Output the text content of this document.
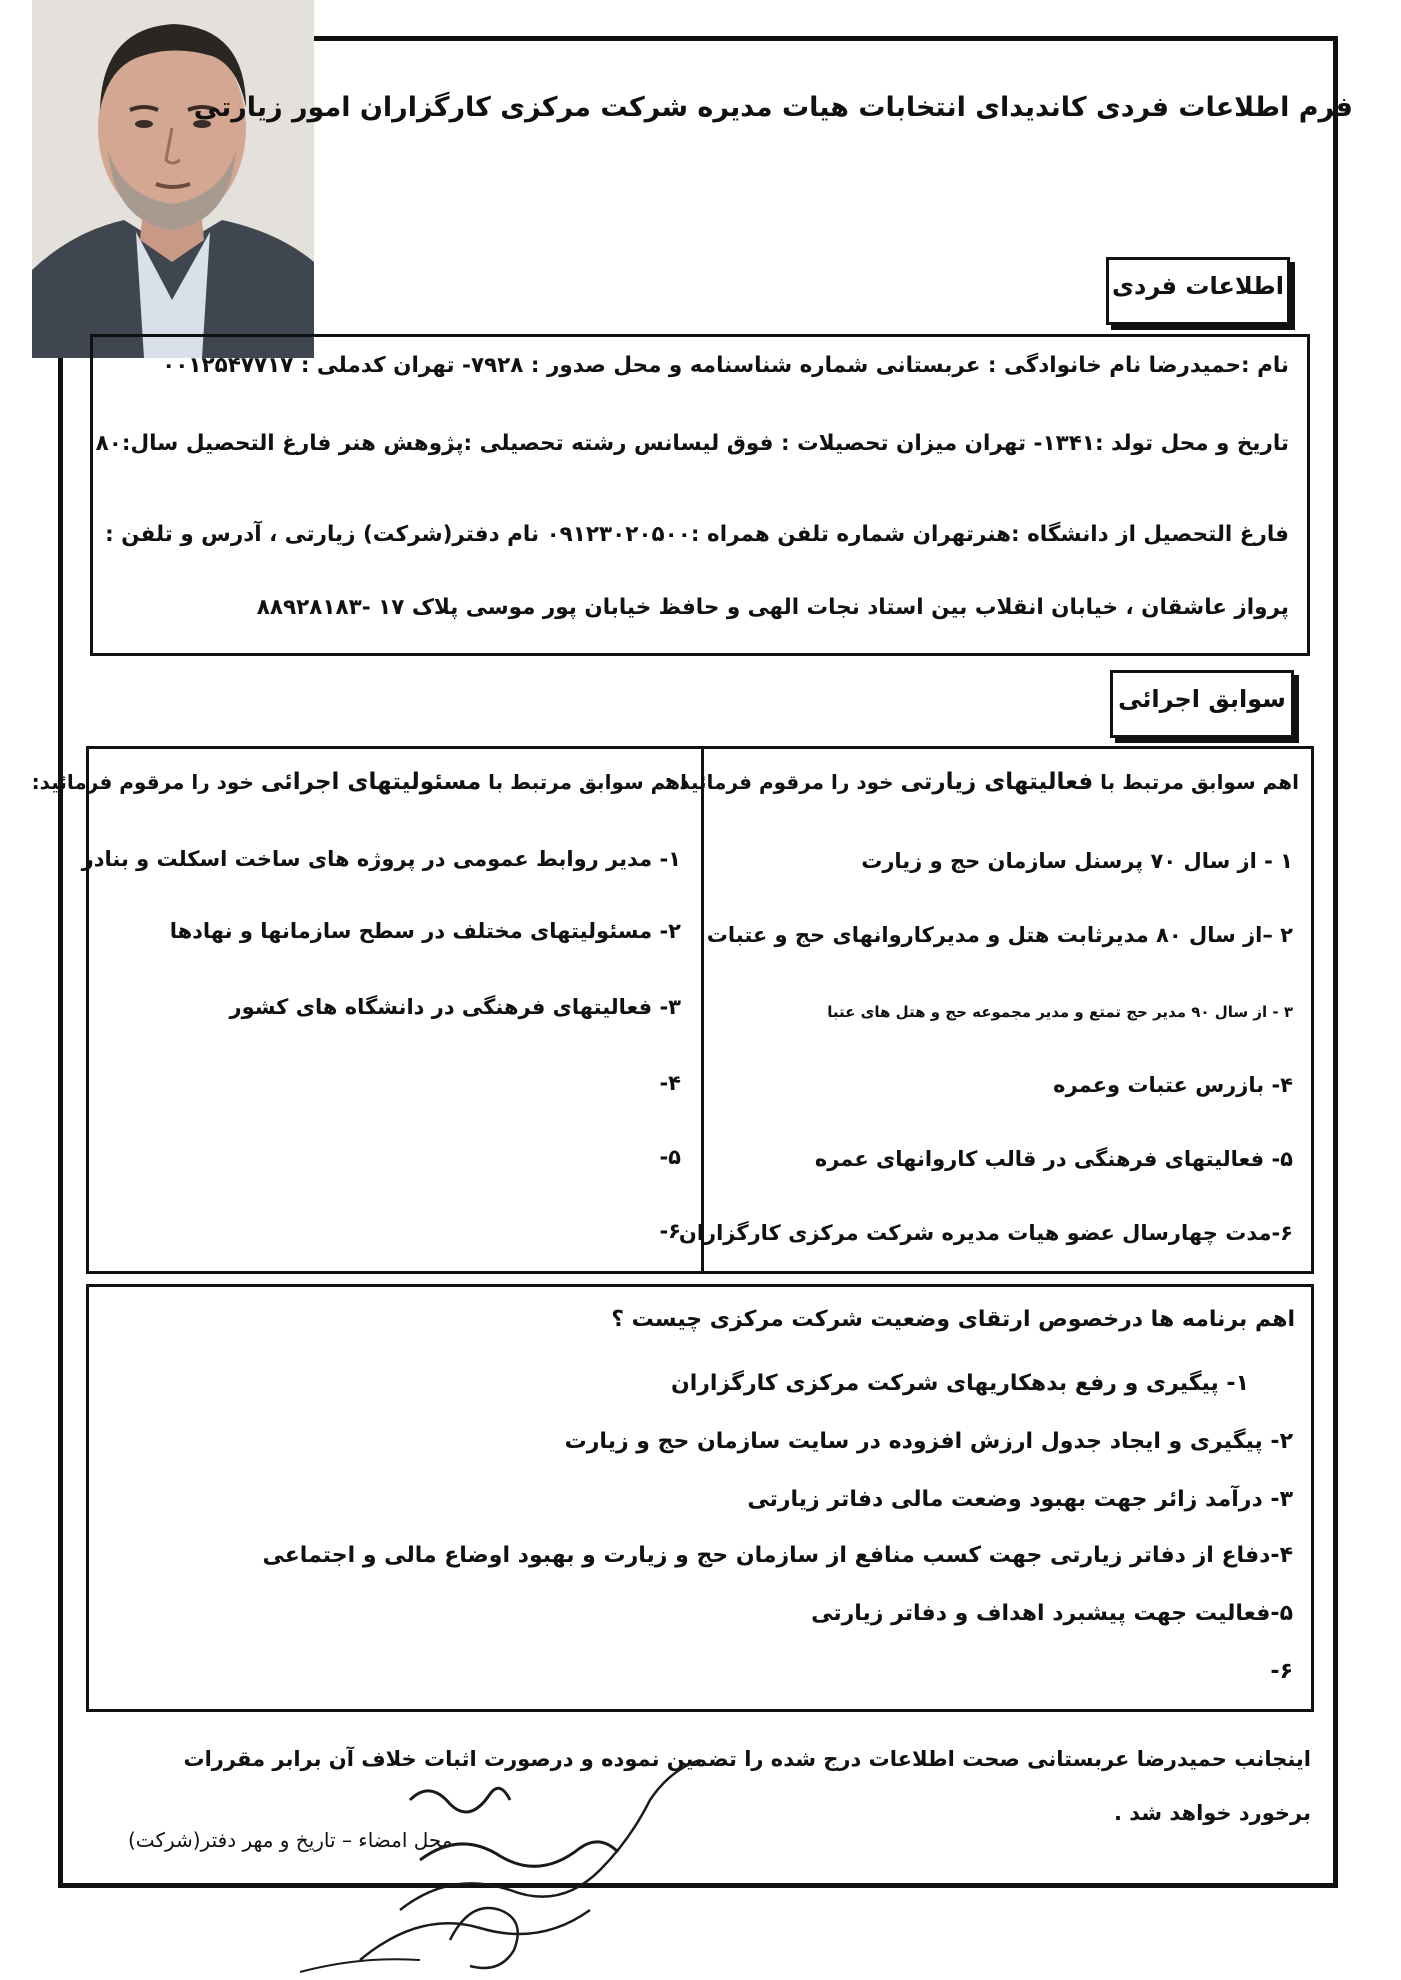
فرم اطلاعات فردی کاندیدای انتخابات هیات مدیره شرکت مرکزی کارگزاران امور زیارتی
اطلاعات فردی
نام :حمیدرضا نام خانوادگی : عربستانی شماره شناسنامه و محل صدور : ۷۹۲۸- تهران کدملی : ۰۰۱۲۵۴۷۷۱۷
تاریخ و محل تولد :۱۳۴۱- تهران میزان تحصیلات : فوق لیسانس رشته تحصیلی :پژوهش هنر فارغ التحصیل سال:۸۰
فارغ التحصیل از دانشگاه :هنرتهران شماره تلفن همراه :۰۹۱۲۳۰۲۰۵۰۰ نام دفتر(شرکت) زیارتی ، آدرس و تلفن :
پرواز عاشقان ، خیابان انقلاب بین استاد نجات الهی و حافظ خیابان پور موسی پلاک ۱۷ -۸۸۹۲۸۱۸۳
سوابق اجرائی
اهم سوابق مرتبط با فعالیتهای زیارتی خود را مرقوم فرمائید :
۱ - از سال ۷۰ پرسنل سازمان حج و زیارت
۲ –از سال ۸۰ مدیرثابت هتل و مدیرکاروانهای حج و عتبات
۳ - از سال ۹۰ مدیر حج تمتع و مدیر مجموعه حج و هتل های عتبا
۴- بازرس عتبات وعمره
۵- فعالیتهای فرهنگی در قالب کاروانهای عمره
۶-مدت چهارسال عضو هیات مدیره شرکت مرکزی کارگزاران
اهم سوابق مرتبط با مسئولیتهای اجرائی خود را مرقوم فرمائید:
۱- مدیر روابط عمومی در پروژه های ساخت اسکلت و بنادر
۲- مسئولیتهای مختلف در سطح سازمانها و نهادها
۳- فعالیتهای فرهنگی در دانشگاه های کشور
۴-
۵-
۶-
اهم برنامه ها درخصوص ارتقای وضعیت شرکت مرکزی چیست ؟
۱- پیگیری و رفع بدهکاریهای شرکت مرکزی کارگزاران
۲- پیگیری و ایجاد جدول ارزش افزوده در سایت سازمان حج و زیارت
۳- درآمد زائر جهت بهبود وضعت مالی دفاتر زیارتی
۴-دفاع از دفاتر زیارتی جهت کسب منافع از سازمان حج و زیارت و بهبود اوضاع مالی و اجتماعی
۵-فعالیت جهت پیشبرد اهداف و دفاتر زیارتی
۶-
اینجانب حمیدرضا عربستانی صحت اطلاعات درج شده را تضمین نموده و درصورت اثبات خلاف آن برابر مقررات برخورد خواهد شد .
محل امضاء – تاریخ و مهر دفتر(شرکت)
